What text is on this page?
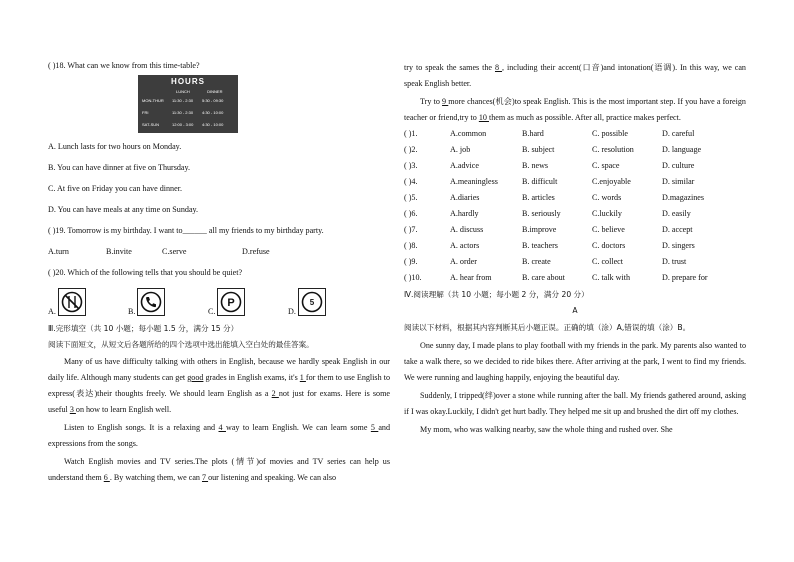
( )18. What can we know from this time-table?
HOURS
LUNCH	DINNER
MON-THUR 11:30 - 2:30 5:30 - 09:30
FRI	11:30 - 2:30 4:30 - 10:00
SAT-SUN	12:00 - 3:00 4:30 - 10:00
A. Lunch lasts for two hours on Monday.
B. You can have dinner at five on Thursday.
C. At five on Friday you can have dinner.
D. You can have meals at any time on Sunday.
( )19. Tomorrow is my birthday. I want to______ all my friends to my birthday party.
A.turn	B.invite	C.serve	D.refuse
( )20. Which of the following tells that you should be quiet?
A.	B.	C.
P
D.
5
Ⅲ.完形填空（共 10 小题；每小题 1.5 分，满分 15 分）
阅读下面短文，从短文后各题所给的四个选项中选出能填入空白处的最佳答案。
Many of us have difficulty talking with others in English, because we hardly speak English in our daily life. Although many students can get good grades in English exams, it's 1 for them to use English to express(表达)their thoughts freely. We should learn English as a 2 not just for exams. Here is some useful 3 on how to learn English well.
Listen to English songs. It is a relaxing and 4 way to learn English. We can learn some 5 and expressions from the songs.
Watch English movies and TV series.The plots (情节)of movies and TV series can help us understand them 6 . By watching them, we can 7 our listening and speaking. We can also
try to speak the sames the 8 , including their accent(口音)and intonation(语调). In this way, we can speak English better.
Try to 9 more chances(机会)to speak English. This is the most important step. If you have a foreign teacher or friend,try to 10 them as much as possible. After all, practice makes perfect.
( )1.	A.common	B.hard	C. possible	D. careful
( )2.	A. job	B. subject	C. resolution	D. language
( )3.	A.advice	B. news	C. space	D. culture
( )4.	A.meaningless	B. difficult	C.enjoyable	D. similar
( )5.	A.diaries	B. articles	C. words	D.magazines
( )6.	A.hardly	B. seriously	C.luckily	D. easily
( )7.	A. discuss	B.improve	C. believe	D. accept
( )8.	A. actors	B. teachers	C. doctors	D. singers
( )9.	A. order	B. create	C. collect	D. trust
( )10.	A. hear from	B. care about	C. talk with	D. prepare for
Ⅳ.阅读理解（共 10 小题；每小题 2 分，满分 20 分）
A
阅读以下材料，根据其内容判断其后小题正误。正确的填（涂）A,错误的填（涂）B。
One sunny day, I made plans to play football with my friends in the park. My parents also wanted to take a walk there, so we decided to ride bikes there. After arriving at the park, I went to find my friends. We were running and laughing happily, enjoying the beautiful day.
Suddenly, I tripped(绊)over a stone while running after the ball. My friends gathered around, asking if I was okay.Luckily, I didn't get hurt badly. They helped me sit up and brushed the dirt off my clothes.
My mom, who was walking nearby, saw the whole thing and rushed over. She
